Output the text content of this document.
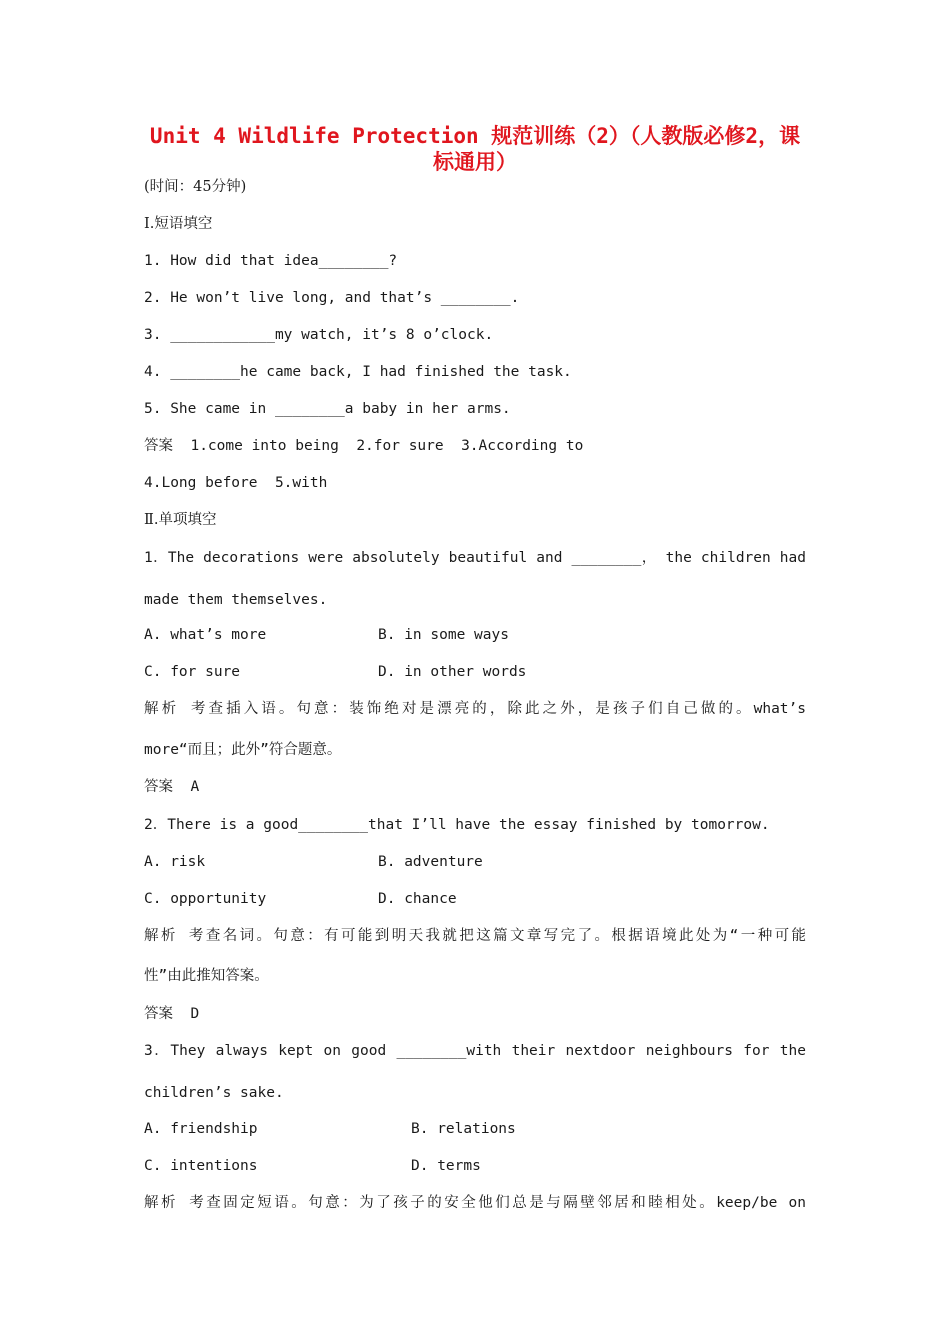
Unit 4 Wildlife Protection 规范训练（2）（人教版必修2，课
标通用）
(时间：45分钟)
Ⅰ.短语填空
1. How did that idea________?
2. He won’t live long, and that’s ________.
3. ____________my watch, it’s 8 o’clock.
4. ________he came back, I had finished the task.
5. She came in ________a baby in her arms.
答案  1.come into being  2.for sure  3.According to
4.Long before  5.with
Ⅱ.单项填空
1．The decorations were absolutely beautiful and ________， the children had
made them themselves.
A. what’s more	B. in some ways
C. for sure	D. in other words
解析 考查插入语。句意：装饰绝对是漂亮的，除此之外，是孩子们自己做的。what’s
more“而且；此外”符合题意。
答案  A
2．There is a good________that I’ll have the essay finished by tomorrow.
A. risk	B. adventure
C. opportunity	D. chance
解析 考查名词。句意：有可能到明天我就把这篇文章写完了。根据语境此处为“一种可能
性”由此推知答案。
答案  D
3．They always kept on good ________with their nextdoor neighbours for the
children’s sake.
A. friendship	B. relations
C. intentions	D. terms
解析 考查固定短语。句意：为了孩子的安全他们总是与隔壁邻居和睦相处。keep/be on
